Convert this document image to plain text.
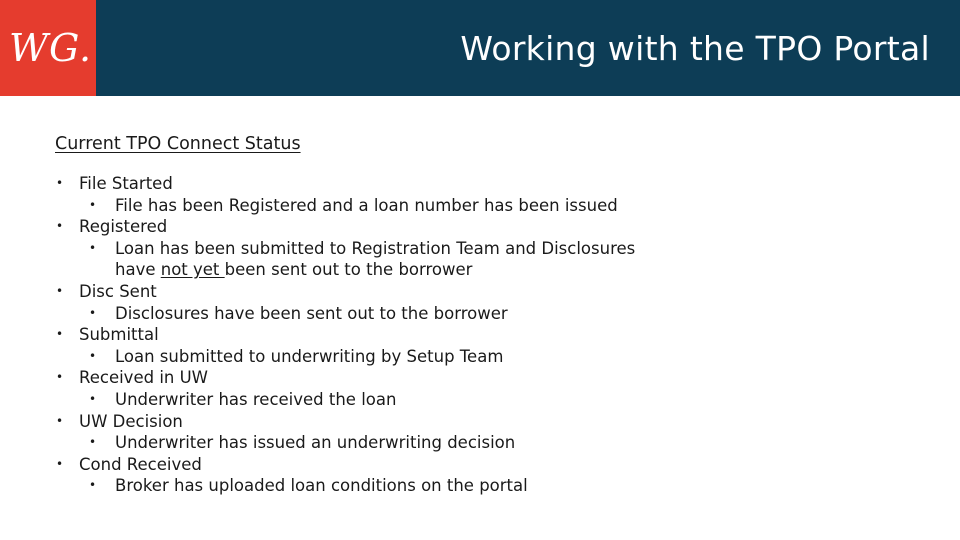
WG.	Working with the TPO Portal
Current TPO Connect Status
• File Started
• File has been Registered and a loan number has been issued
• Registered
• Loan has been submitted to Registration Team and Disclosures
have not yet been sent out to the borrower
• Disc Sent
• Disclosures have been sent out to the borrower
• Submittal
• Loan submitted to underwriting by Setup Team
• Received in UW
• Underwriter has received the loan
• UW Decision
• Underwriter has issued an underwriting decision
• Cond Received
• Broker has uploaded loan conditions on the portal
